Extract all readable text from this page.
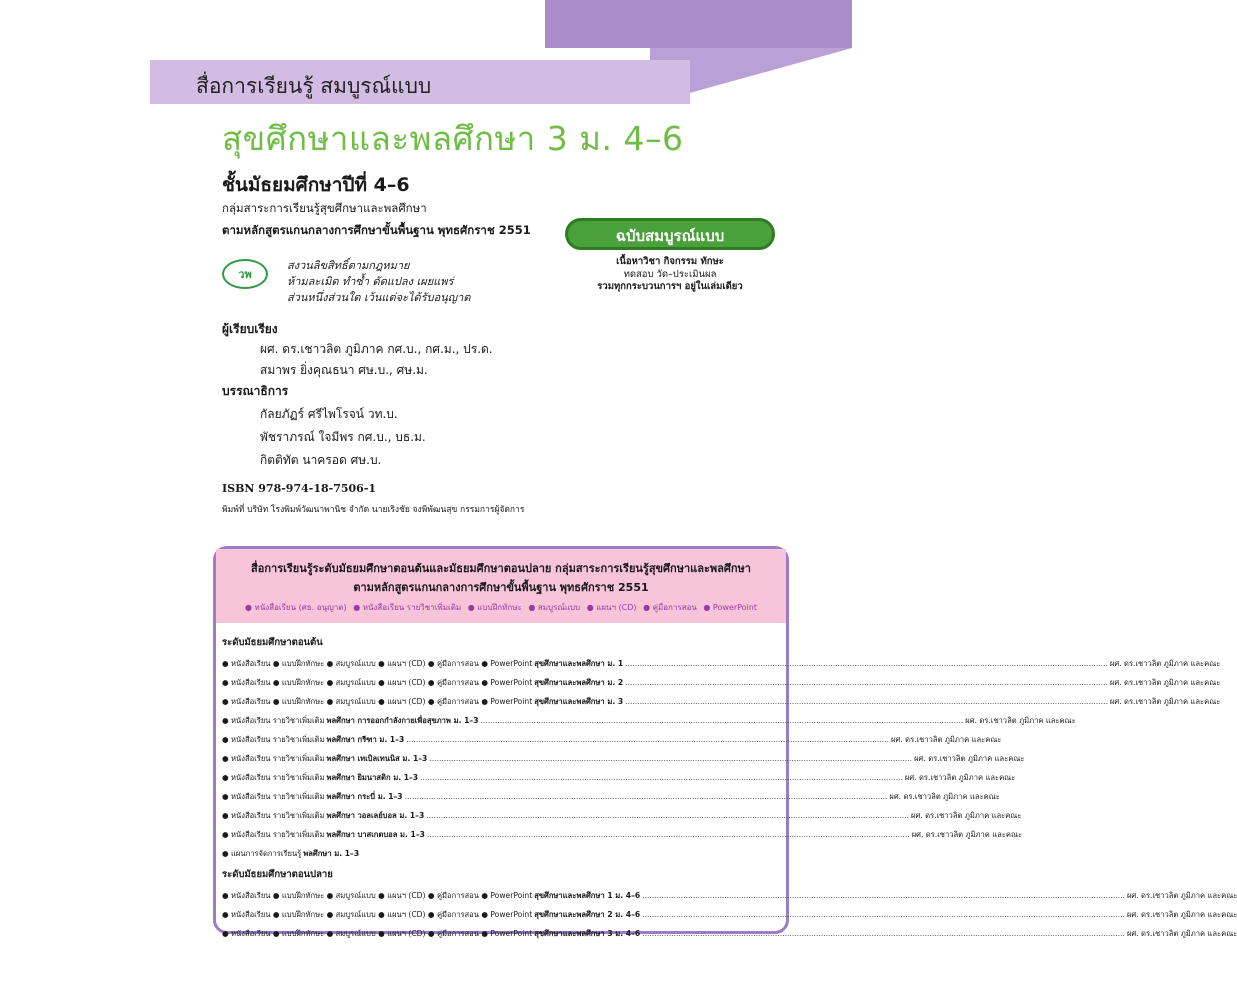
สื่อการเรียนรู้ สมบูรณ์แบบ
สุขศึกษาและพลศึกษา 3 ม. 4–6
ชั้นมัธยมศึกษาปีที่ 4–6
กลุ่มสาระการเรียนรู้สุขศึกษาและพลศึกษา
ตามหลักสูตรแกนกลางการศึกษาขั้นพื้นฐาน พุทธศักราช 2551	ฉบับสมบูรณ์แบบ
เนื้อหาวิชา กิจกรรม ทักษะ
ทดสอบ วัด–ประเมินผล
รวมทุกกระบวนการฯ อยู่ในเล่มเดียว
วพ
สงวนลิขสิทธิ์ตามกฎหมาย
ห้ามละเมิด ทำซ้ำ ดัดแปลง เผยแพร่
ส่วนหนึ่งส่วนใด เว้นแต่จะได้รับอนุญาต
ผู้เรียบเรียง
ผศ. ดร.เชาวลิต ภูมิภาค กศ.บ., กศ.ม., ปร.ด.
สมาพร ยิ่งคุณธนา ศษ.บ., ศษ.ม.
บรรณาธิการ
กัลยภัฏร์ ศรีไพโรจน์ วท.บ.
พัชราภรณ์ ใจมีพร กศ.บ., บธ.ม.
กิตติทัต นาครอด ศษ.บ.
ISBN 978-974-18-7506-1
พิมพ์ที่ บริษัท โรงพิมพ์วัฒนาพานิช จำกัด นายเริงชัย จงพิพัฒนสุข กรรมการผู้จัดการ
สื่อการเรียนรู้ระดับมัธยมศึกษาตอนต้นและมัธยมศึกษาตอนปลาย กลุ่มสาระการเรียนรู้สุขศึกษาและพลศึกษา
ตามหลักสูตรแกนกลางการศึกษาขั้นพื้นฐาน พุทธศักราช 2551
● หนังสือเรียน (ศธ. อนุญาต) ● หนังสือเรียน รายวิชาเพิ่มเติม ● แบบฝึกทักษะ ● สมบูรณ์แบบ ● แผนฯ (CD) ● คู่มือการสอน ● PowerPoint
ระดับมัธยมศึกษาตอนต้น
● หนังสือเรียน ● แบบฝึกทักษะ ● สมบูรณ์แบบ ● แผนฯ (CD) ● คู่มือการสอน ● PowerPoint สุขศึกษาและพลศึกษา ม. 1 ........................................................................................................................................................................................................ ผศ. ดร.เชาวลิต ภูมิภาค และคณะ
● หนังสือเรียน ● แบบฝึกทักษะ ● สมบูรณ์แบบ ● แผนฯ (CD) ● คู่มือการสอน ● PowerPoint สุขศึกษาและพลศึกษา ม. 2 ........................................................................................................................................................................................................ ผศ. ดร.เชาวลิต ภูมิภาค และคณะ
● หนังสือเรียน ● แบบฝึกทักษะ ● สมบูรณ์แบบ ● แผนฯ (CD) ● คู่มือการสอน ● PowerPoint สุขศึกษาและพลศึกษา ม. 3 ........................................................................................................................................................................................................ ผศ. ดร.เชาวลิต ภูมิภาค และคณะ
● หนังสือเรียน รายวิชาเพิ่มเติม พลศึกษา การออกกำลังกายเพื่อสุขภาพ ม. 1–3 ........................................................................................................................................................................................................ ผศ. ดร.เชาวลิต ภูมิภาค และคณะ
● หนังสือเรียน รายวิชาเพิ่มเติม พลศึกษา กรีฑา ม. 1–3 ........................................................................................................................................................................................................ ผศ. ดร.เชาวลิต ภูมิภาค และคณะ
● หนังสือเรียน รายวิชาเพิ่มเติม พลศึกษา เทเบิลเทนนิส ม. 1–3 ........................................................................................................................................................................................................ ผศ. ดร.เชาวลิต ภูมิภาค และคณะ
● หนังสือเรียน รายวิชาเพิ่มเติม พลศึกษา ยิมนาสติก ม. 1–3 ........................................................................................................................................................................................................ ผศ. ดร.เชาวลิต ภูมิภาค และคณะ
● หนังสือเรียน รายวิชาเพิ่มเติม พลศึกษา กระบี่ ม. 1–3 ........................................................................................................................................................................................................ ผศ. ดร.เชาวลิต ภูมิภาค และคณะ
● หนังสือเรียน รายวิชาเพิ่มเติม พลศึกษา วอลเลย์บอล ม. 1–3 ........................................................................................................................................................................................................ ผศ. ดร.เชาวลิต ภูมิภาค และคณะ
● หนังสือเรียน รายวิชาเพิ่มเติม พลศึกษา บาสเกตบอล ม. 1–3 ........................................................................................................................................................................................................ ผศ. ดร.เชาวลิต ภูมิภาค และคณะ
● แผนการจัดการเรียนรู้ พลศึกษา ม. 1–3
ระดับมัธยมศึกษาตอนปลาย
● หนังสือเรียน ● แบบฝึกทักษะ ● สมบูรณ์แบบ ● แผนฯ (CD) ● คู่มือการสอน ● PowerPoint สุขศึกษาและพลศึกษา 1 ม. 4–6 ........................................................................................................................................................................................................ ผศ. ดร.เชาวลิต ภูมิภาค และคณะ
● หนังสือเรียน ● แบบฝึกทักษะ ● สมบูรณ์แบบ ● แผนฯ (CD) ● คู่มือการสอน ● PowerPoint สุขศึกษาและพลศึกษา 2 ม. 4–6 ........................................................................................................................................................................................................ ผศ. ดร.เชาวลิต ภูมิภาค และคณะ
● หนังสือเรียน ● แบบฝึกทักษะ ● สมบูรณ์แบบ ● แผนฯ (CD) ● คู่มือการสอน ● PowerPoint สุขศึกษาและพลศึกษา 3 ม. 4–6 ........................................................................................................................................................................................................ ผศ. ดร.เชาวลิต ภูมิภาค และคณะ
